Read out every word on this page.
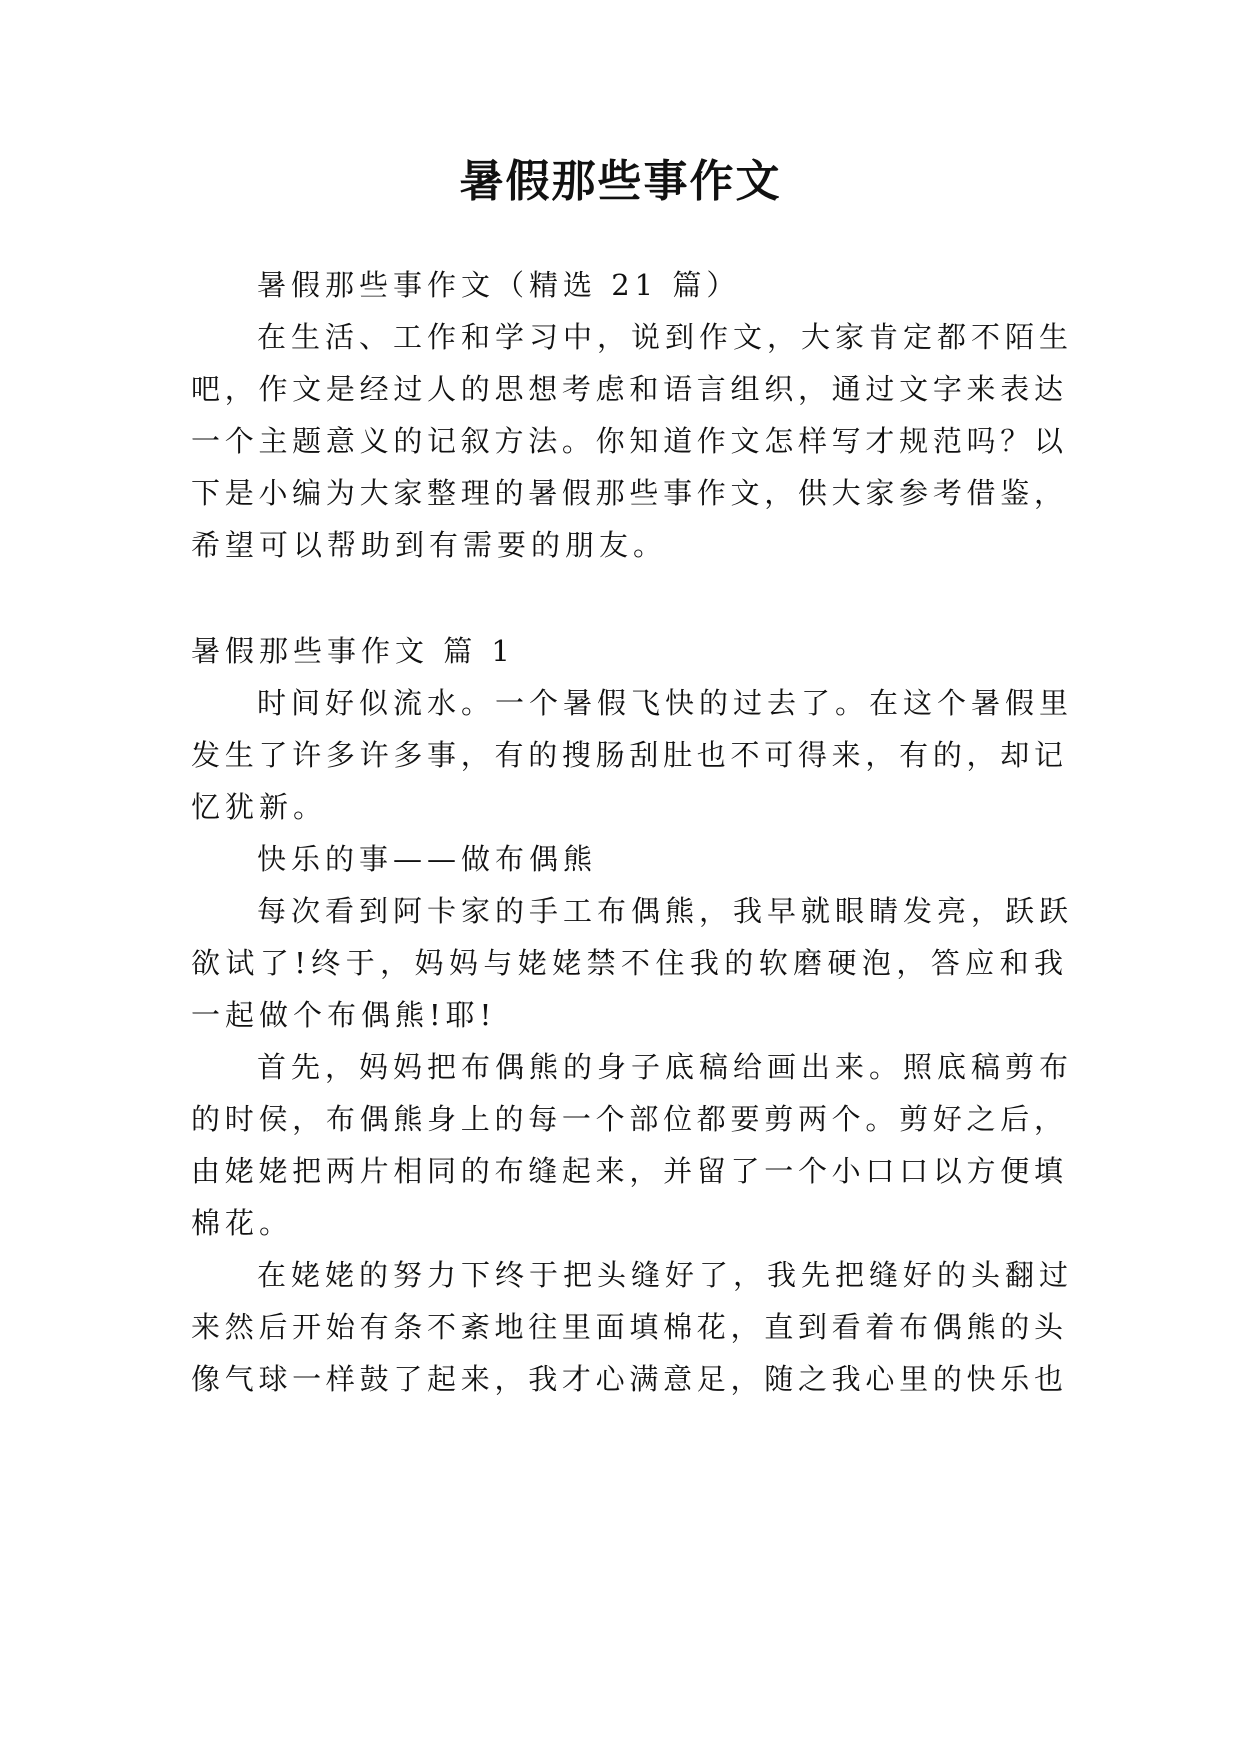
暑假那些事作文
暑假那些事作文（精选 21 篇）
在生活、工作和学习中，说到作文，大家肯定都不陌生
吧，作文是经过人的思想考虑和语言组织，通过文字来表达
一个主题意义的记叙方法。你知道作文怎样写才规范吗？以
下是小编为大家整理的暑假那些事作文，供大家参考借鉴，
希望可以帮助到有需要的朋友。
暑假那些事作文 篇 1
时间好似流水。一个暑假飞快的过去了。在这个暑假里
发生了许多许多事，有的搜肠刮肚也不可得来，有的，却记
忆犹新。
快乐的事——做布偶熊
每次看到阿卡家的手工布偶熊，我早就眼睛发亮，跃跃
欲试了!终于，妈妈与姥姥禁不住我的软磨硬泡，答应和我
一起做个布偶熊!耶!
首先，妈妈把布偶熊的身子底稿给画出来。照底稿剪布
的时侯，布偶熊身上的每一个部位都要剪两个。剪好之后，
由姥姥把两片相同的布缝起来，并留了一个小口口以方便填
棉花。
在姥姥的努力下终于把头缝好了，我先把缝好的头翻过
来然后开始有条不紊地往里面填棉花，直到看着布偶熊的头
像气球一样鼓了起来，我才心满意足，随之我心里的快乐也
